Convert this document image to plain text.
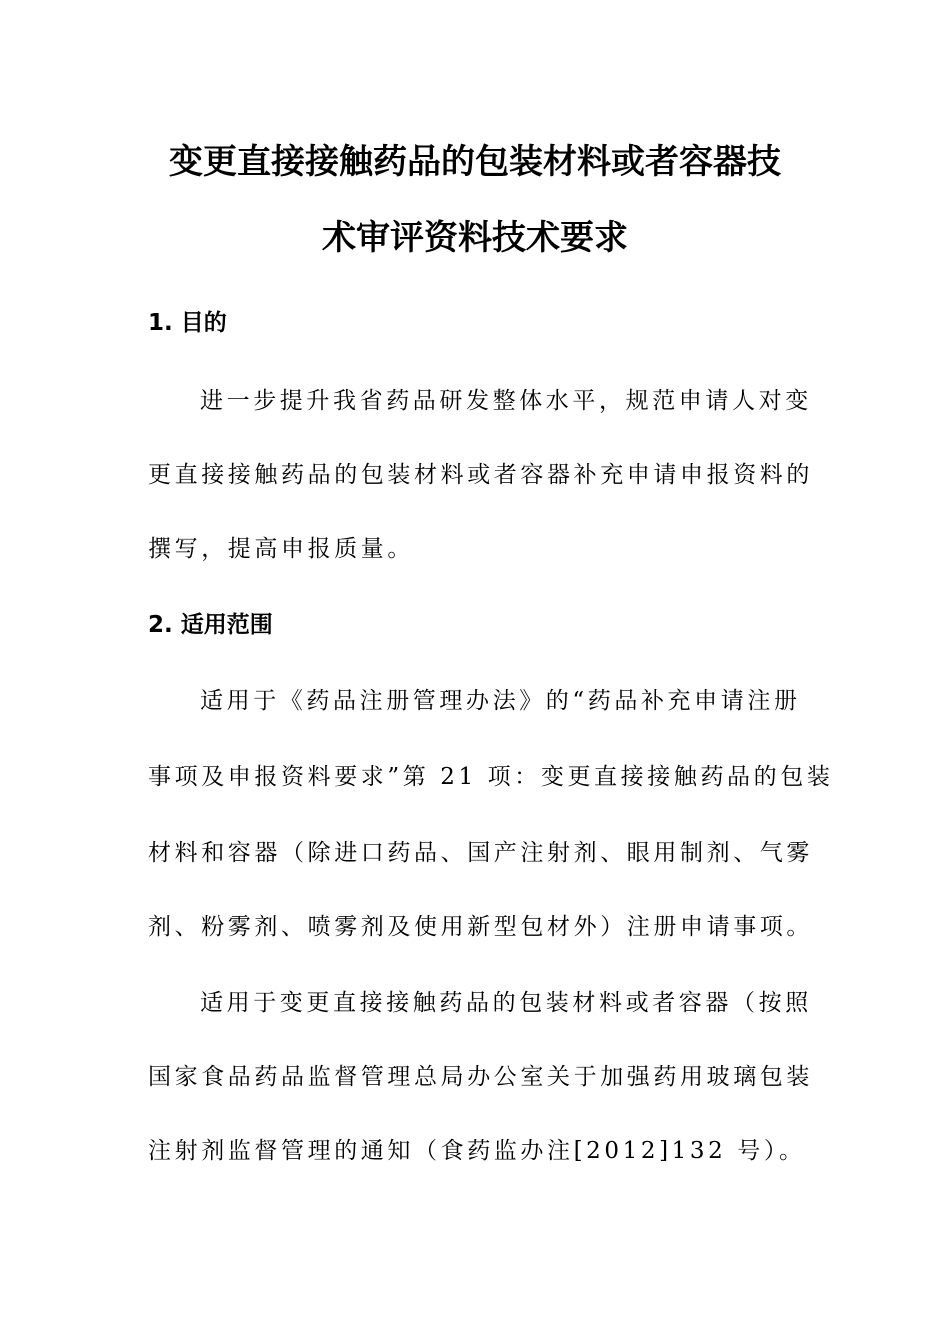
变更直接接触药品的包装材料或者容器技
术审评资料技术要求
1. 目的
进一步提升我省药品研发整体水平，规范申请人对变
更直接接触药品的包装材料或者容器补充申请申报资料的
撰写，提高申报质量。
2. 适用范围
适用于《药品注册管理办法》的“药品补充申请注册
事项及申报资料要求”第 21 项：变更直接接触药品的包装
材料和容器（除进口药品、国产注射剂、眼用制剂、气雾
剂、粉雾剂、喷雾剂及使用新型包材外）注册申请事项。
适用于变更直接接触药品的包装材料或者容器（按照
国家食品药品监督管理总局办公室关于加强药用玻璃包装
注射剂监督管理的通知（食药监办注[2012]132 号）。
